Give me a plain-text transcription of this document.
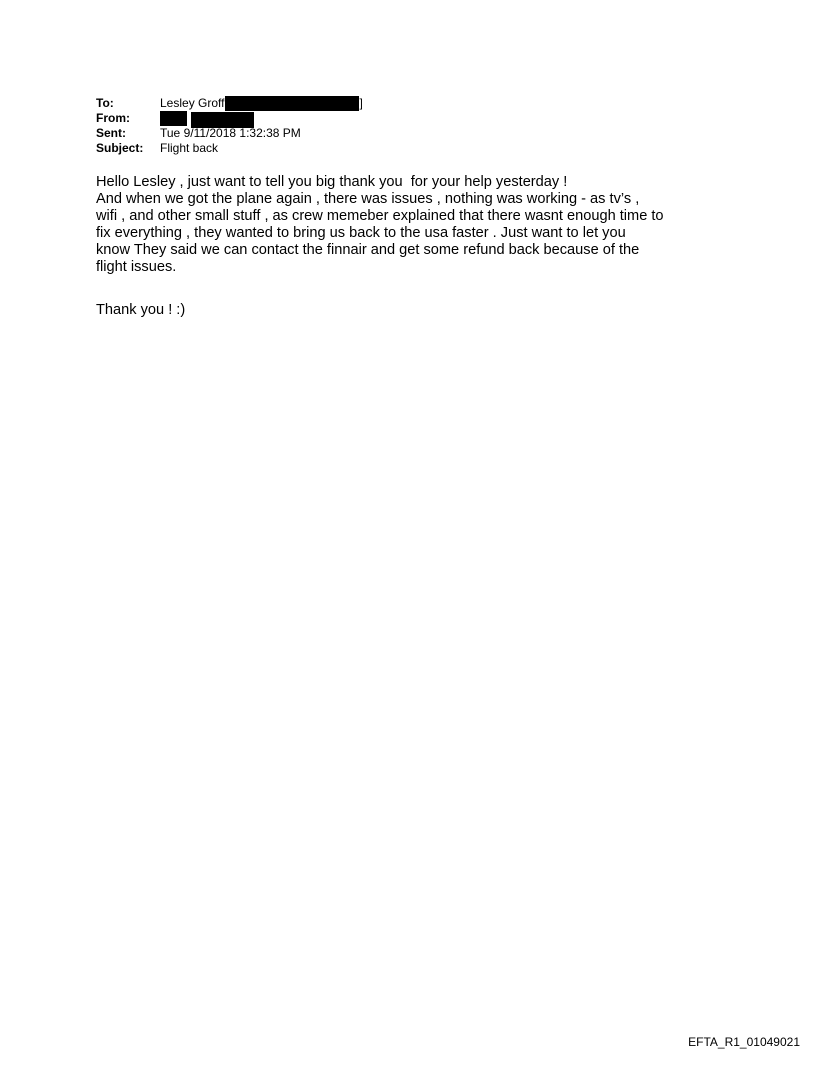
To:	Lesley Groff	]
From:
Sent:	Tue 9/11/2018 1:32:38 PM
Subject:	Flight back

Hello Lesley , just want to tell you big thank you  for your help yesterday !

And when we got the plane again , there was issues , nothing was working - as tv’s ,

wifi , and other small stuff , as crew memeber explained that there wasnt enough time to

fix everything , they wanted to bring us back to the usa faster . Just want to let you

know They said we can contact the finnair and get some refund back because of the

flight issues.

Thank you ! :)
EFTA_R1_01049021
